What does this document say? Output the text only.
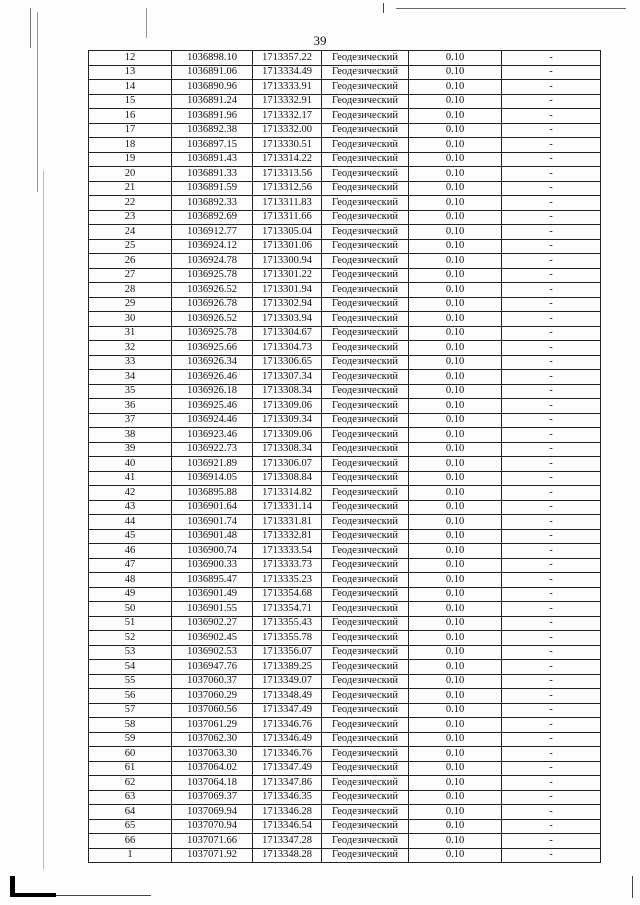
39
12	1036898.10	1713357.22	Геодезический	0.10	-
13	1036891.06	1713334.49	Геодезический	0.10	-
14	1036890.96	1713333.91	Геодезический	0.10	-
15	1036891.24	1713332.91	Геодезический	0.10	-
16	1036891.96	1713332.17	Геодезический	0.10	-
17	1036892.38	1713332.00	Геодезический	0.10	-
18	1036897.15	1713330.51	Геодезический	0.10	-
19	1036891.43	1713314.22	Геодезический	0.10	-
20	1036891.33	1713313.56	Геодезический	0.10	-
21	1036891.59	1713312.56	Геодезический	0.10	-
22	1036892.33	1713311.83	Геодезический	0.10	-
23	1036892.69	1713311.66	Геодезический	0.10	-
24	1036912.77	1713305.04	Геодезический	0.10	-
25	1036924.12	1713301.06	Геодезический	0.10	-
26	1036924.78	1713300.94	Геодезический	0.10	-
27	1036925.78	1713301.22	Геодезический	0.10	-
28	1036926.52	1713301.94	Геодезический	0.10	-
29	1036926.78	1713302.94	Геодезический	0.10	-
30	1036926.52	1713303.94	Геодезический	0.10	-
31	1036925.78	1713304.67	Геодезический	0.10	-
32	1036925.66	1713304.73	Геодезический	0.10	-
33	1036926.34	1713306.65	Геодезический	0.10	-
34	1036926.46	1713307.34	Геодезический	0.10	-
35	1036926.18	1713308.34	Геодезический	0.10	-
36	1036925.46	1713309.06	Геодезический	0.10	-
37	1036924.46	1713309.34	Геодезический	0.10	-
38	1036923.46	1713309.06	Геодезический	0.10	-
39	1036922.73	1713308.34	Геодезический	0.10	-
40	1036921.89	1713306.07	Геодезический	0.10	-
41	1036914.05	1713308.84	Геодезический	0.10	-
42	1036895.88	1713314.82	Геодезический	0.10	-
43	1036901.64	1713331.14	Геодезический	0.10	-
44	1036901.74	1713331.81	Геодезический	0.10	-
45	1036901.48	1713332.81	Геодезический	0.10	-
46	1036900.74	1713333.54	Геодезический	0.10	-
47	1036900.33	1713333.73	Геодезический	0.10	-
48	1036895.47	1713335.23	Геодезический	0.10	-
49	1036901.49	1713354.68	Геодезический	0.10	-
50	1036901.55	1713354.71	Геодезический	0.10	-
51	1036902.27	1713355.43	Геодезический	0.10	-
52	1036902.45	1713355.78	Геодезический	0.10	-
53	1036902.53	1713356.07	Геодезический	0.10	-
54	1036947.76	1713389.25	Геодезический	0.10	-
55	1037060.37	1713349.07	Геодезический	0.10	-
56	1037060.29	1713348.49	Геодезический	0.10	-
57	1037060.56	1713347.49	Геодезический	0.10	-
58	1037061.29	1713346.76	Геодезический	0.10	-
59	1037062.30	1713346.49	Геодезический	0.10	-
60	1037063.30	1713346.76	Геодезический	0.10	-
61	1037064.02	1713347.49	Геодезический	0.10	-
62	1037064.18	1713347.86	Геодезический	0.10	-
63	1037069.37	1713346.35	Геодезический	0.10	-
64	1037069.94	1713346.28	Геодезический	0.10	-
65	1037070.94	1713346.54	Геодезический	0.10	-
66	1037071.66	1713347.28	Геодезический	0.10	-
1	1037071.92	1713348.28	Геодезический	0.10	-
